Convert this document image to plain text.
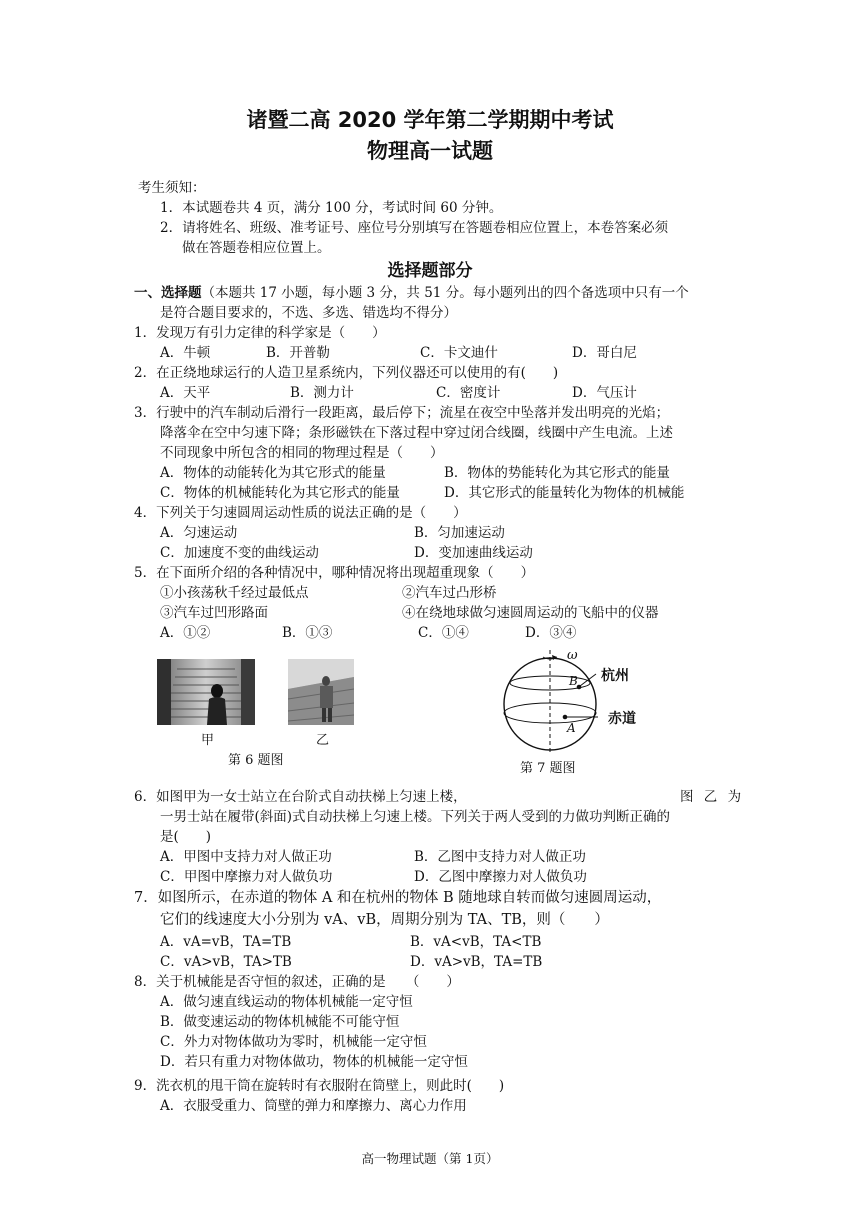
诸暨二高 2020 学年第二学期期中考试
物理高一试题
考生须知：
1．本试题卷共 4 页，满分 100 分，考试时间 60 分钟。
2．请将姓名、班级、准考证号、座位号分别填写在答题卷相应位置上，本卷答案必须
做在答题卷相应位置上。
选择题部分
一、选择题（本题共 17 小题，每小题 3 分，共 51 分。每小题列出的四个备选项中只有一个
是符合题目要求的，不选、多选、错选均不得分）
1．发现万有引力定律的科学家是（　　）
A．牛顿	B．开普勒	C．卡文迪什	D．哥白尼
2．在正绕地球运行的人造卫星系统内，下列仪器还可以使用的有(　　)
A．天平	B．测力计	C．密度计	D．气压计
3．行驶中的汽车制动后滑行一段距离，最后停下；流星在夜空中坠落并发出明亮的光焰；
降落伞在空中匀速下降；条形磁铁在下落过程中穿过闭合线圈，线圈中产生电流。上述
不同现象中所包含的相同的物理过程是（　　）
A．物体的动能转化为其它形式的能量	B．物体的势能转化为其它形式的能量
C．物体的机械能转化为其它形式的能量	D．其它形式的能量转化为物体的机械能
4．下列关于匀速圆周运动性质的说法正确的是（　　）
A．匀速运动	B．匀加速运动
C．加速度不变的曲线运动	D．变加速曲线运动
5．在下面所介绍的各种情况中，哪种情况将出现超重现象（　　）
①小孩荡秋千经过最低点	②汽车过凸形桥
③汽车过凹形路面	④在绕地球做匀速圆周运动的飞船中的仪器
A．①②	B．①③	C．①④	D．③④
甲	乙
第 6 题图
ω
B
A
杭州
赤道
第 7 题图
6．如图甲为一女士站立在台阶式自动扶梯上匀速上楼，	图 乙 为
一男士站在履带(斜面)式自动扶梯上匀速上楼。下列关于两人受到的力做功判断正确的
是(　　)
A．甲图中支持力对人做正功	B．乙图中支持力对人做正功
C．甲图中摩擦力对人做负功	D．乙图中摩擦力对人做负功
7．如图所示，在赤道的物体 A 和在杭州的物体 B 随地球自转而做匀速圆周运动，
它们的线速度大小分别为 vA、vB，周期分别为 TA、TB，则（　　）
A．vA=vB，TA=TB	B．vA<vB，TA<TB
C．vA>vB，TA>TB	D．vA>vB，TA=TB
8．关于机械能是否守恒的叙述，正确的是　　（　　）
A．做匀速直线运动的物体机械能一定守恒
B．做变速运动的物体机械能不可能守恒
C．外力对物体做功为零时，机械能一定守恒
D．若只有重力对物体做功，物体的机械能一定守恒
9．洗衣机的甩干筒在旋转时有衣服附在筒壁上，则此时(　　)
A．衣服受重力、筒壁的弹力和摩擦力、离心力作用
高一物理试题（第 1页）
